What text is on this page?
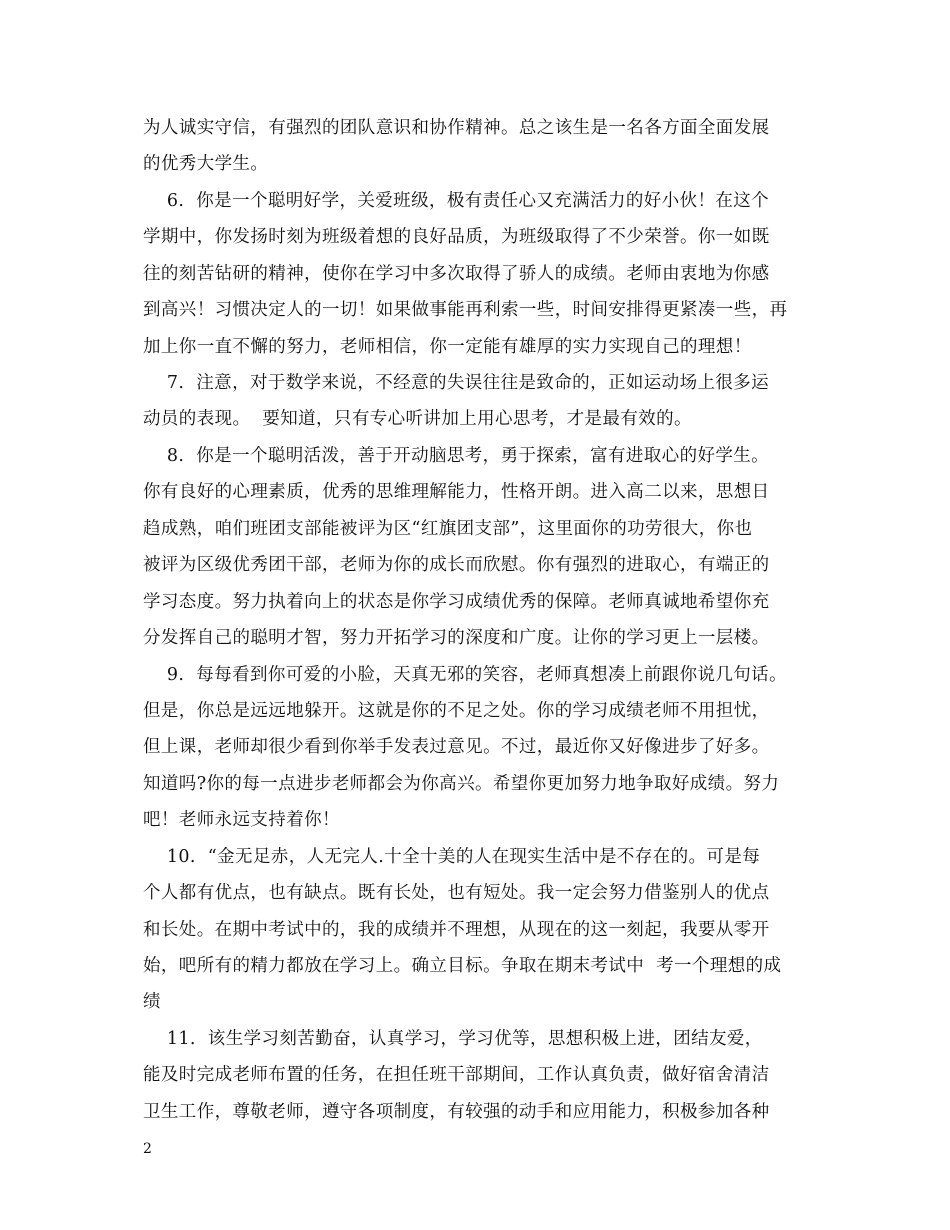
为人诚实守信，有强烈的团队意识和协作精神。总之该生是一名各方面全面发展
的优秀大学生。
6.  你是一个聪明好学，关爱班级，极有责任心又充满活力的好小伙！在这个
学期中，你发扬时刻为班级着想的良好品质，为班级取得了不少荣誉。你一如既
往的刻苦钻研的精神，使你在学习中多次取得了骄人的成绩。老师由衷地为你感
到高兴！习惯决定人的一切！如果做事能再利索一些，时间安排得更紧凑一些，再
加上你一直不懈的努力，老师相信，你一定能有雄厚的实力实现自己的理想！
7.  注意，对于数学来说，不经意的失误往往是致命的，正如运动场上很多运
动员的表现。  要知道，只有专心听讲加上用心思考，才是最有效的。
8.  你是一个聪明活泼，善于开动脑思考，勇于探索，富有进取心的好学生。
你有良好的心理素质，优秀的思维理解能力，性格开朗。进入高二以来，思想日
趋成熟，咱们班团支部能被评为区“红旗团支部”，这里面你的功劳很大，你也
被评为区级优秀团干部，老师为你的成长而欣慰。你有强烈的进取心，有端正的
学习态度。努力执着向上的状态是你学习成绩优秀的保障。老师真诚地希望你充
分发挥自己的聪明才智，努力开拓学习的深度和广度。让你的学习更上一层楼。
9.  每每看到你可爱的小脸，天真无邪的笑容，老师真想凑上前跟你说几句话。
但是，你总是远远地躲开。这就是你的不足之处。你的学习成绩老师不用担忧，
但上课，老师却很少看到你举手发表过意见。不过，最近你又好像进步了好多。
知道吗?你的每一点进步老师都会为你高兴。希望你更加努力地争取好成绩。努力
吧！老师永远支持着你！
10.  “金无足赤，人无完人.十全十美的人在现实生活中是不存在的。可是每
个人都有优点，也有缺点。既有长处，也有短处。我一定会努力借鉴别人的优点
和长处。在期中考试中的，我的成绩并不理想，从现在的这一刻起，我要从零开
始，吧所有的精力都放在学习上。确立目标。争取在期末考试中  考一个理想的成
绩
11.  该生学习刻苦勤奋，认真学习，学习优等，思想积极上进，团结友爱，
能及时完成老师布置的任务，在担任班干部期间，工作认真负责，做好宿舍清洁
卫生工作，尊敬老师，遵守各项制度，有较强的动手和应用能力，积极参加各种
2
